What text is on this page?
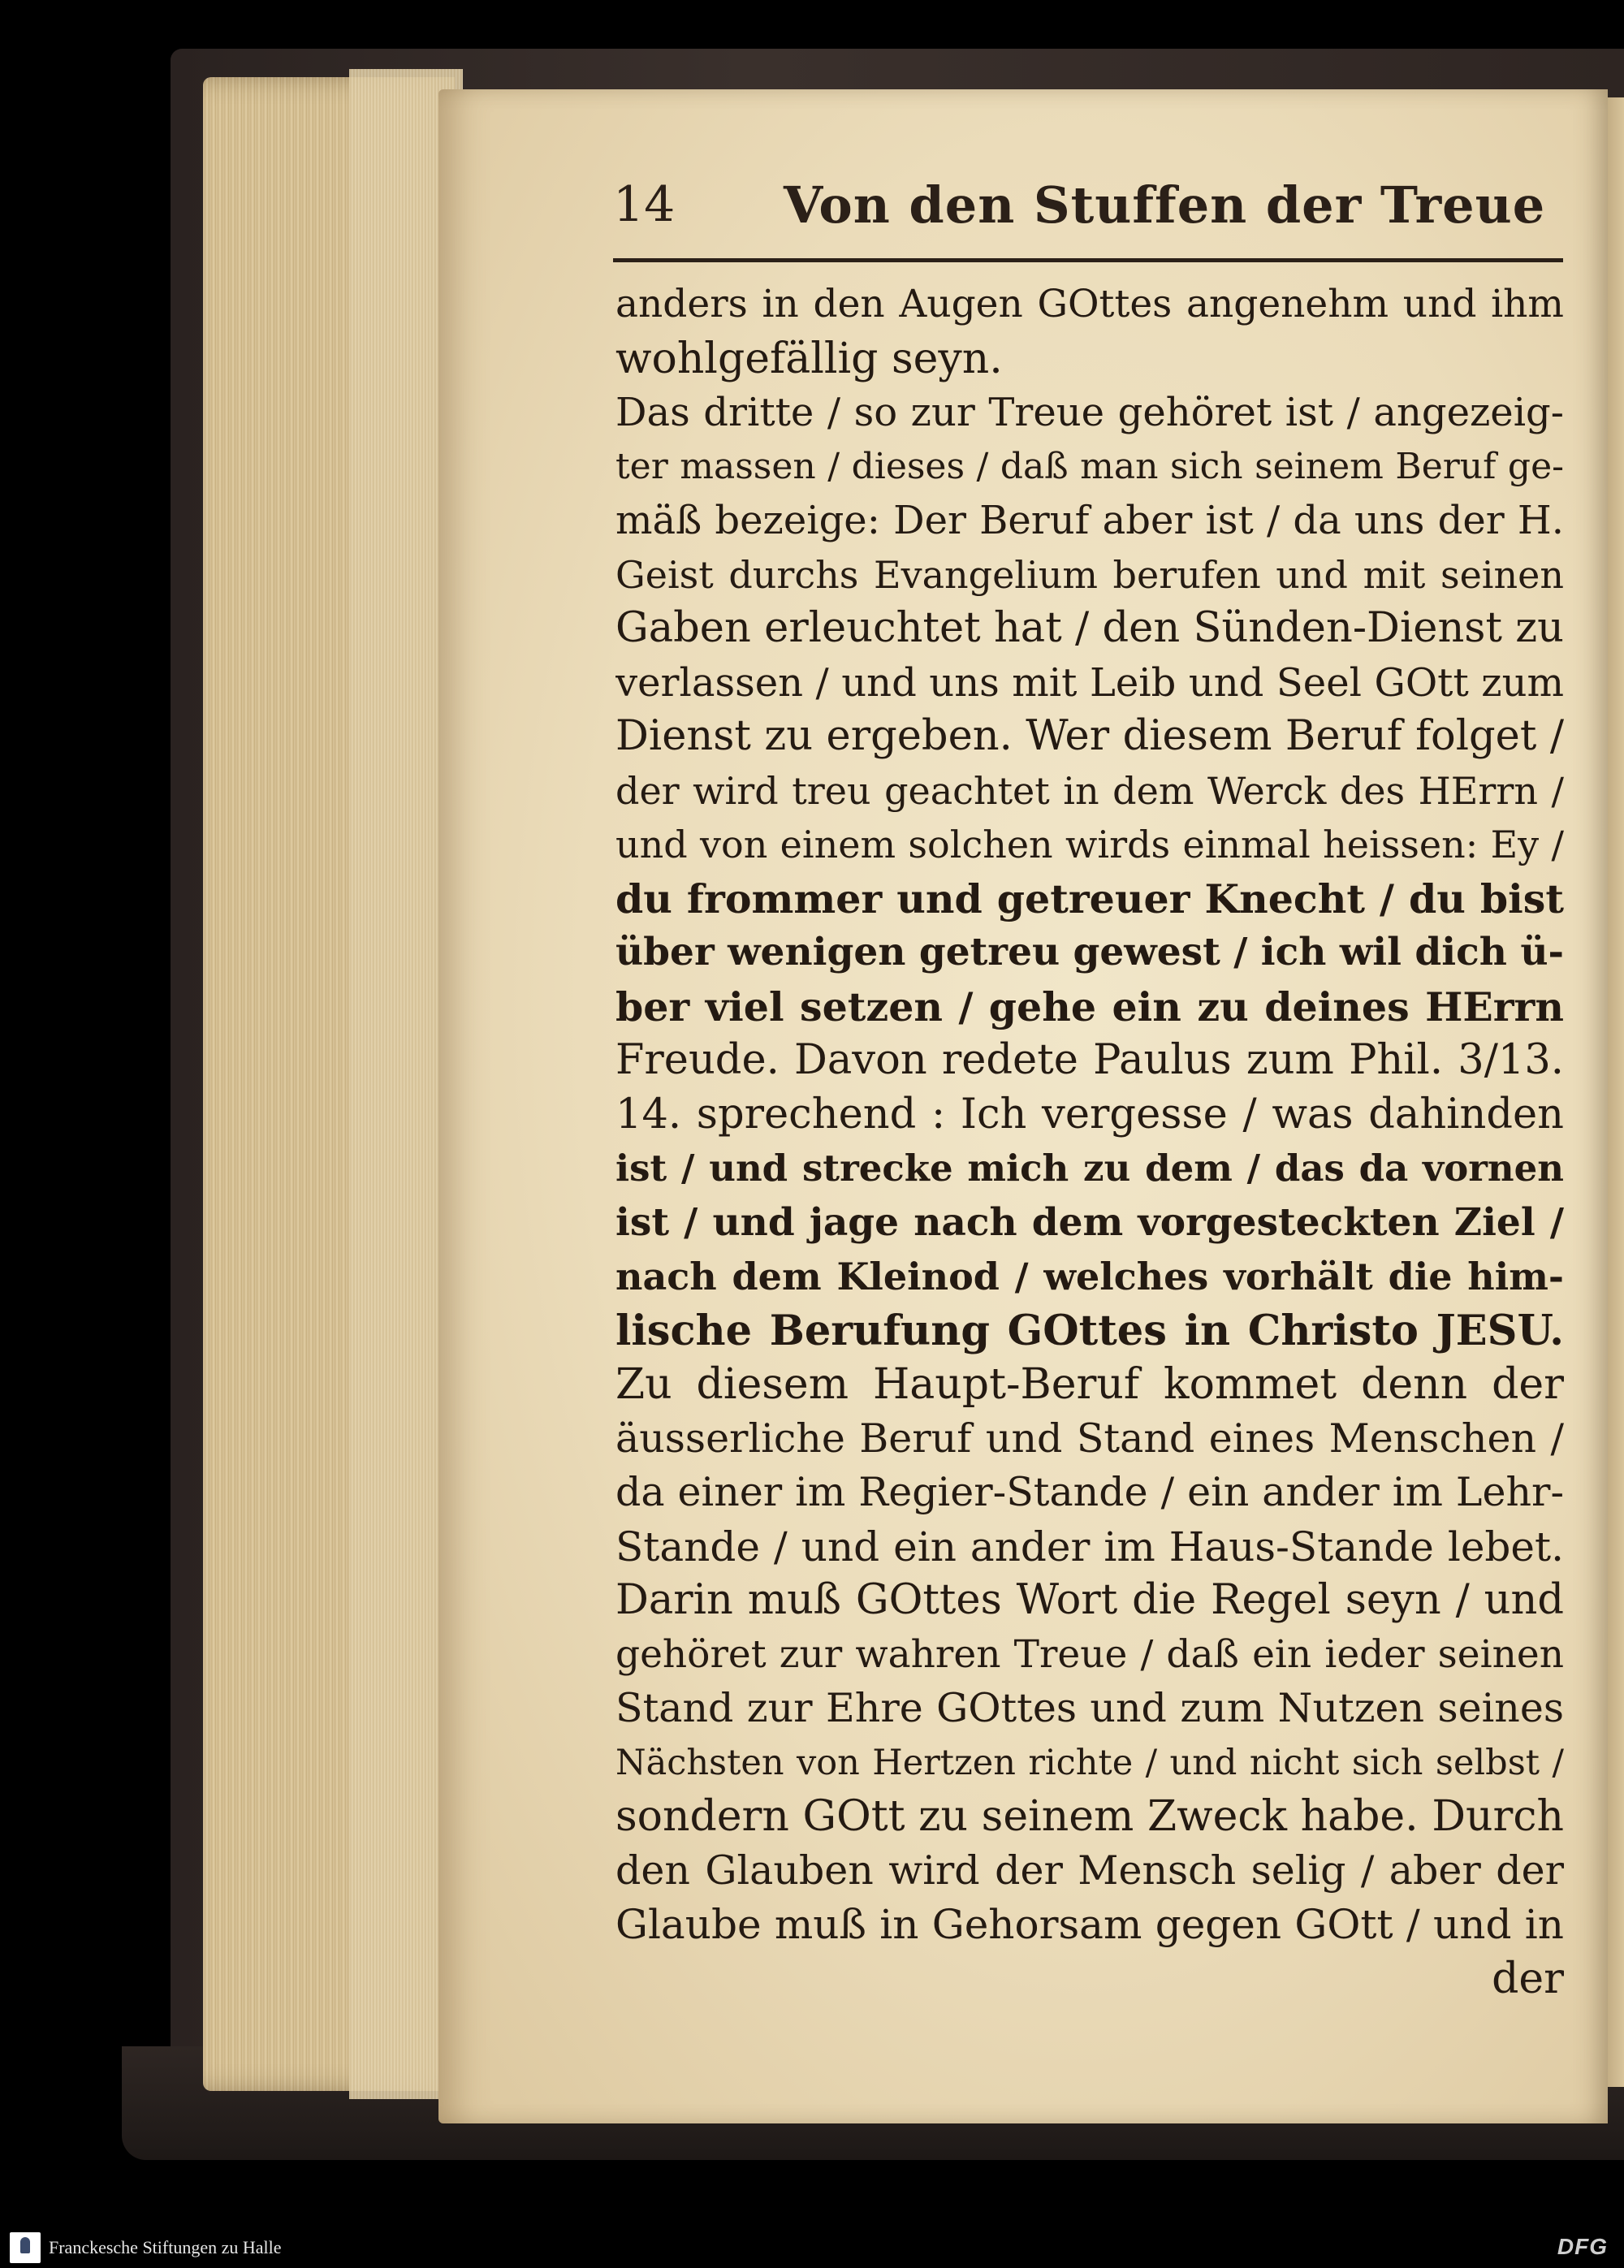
14 Von den Stuffen der Treue
anders in den Augen GOttes angenehm und ihm
wohlgefällig seyn.
Das dritte / so zur Treue gehöret ist / angezeig-
ter massen / dieses / daß man sich seinem Beruf ge-
mäß bezeige: Der Beruf aber ist / da uns der H.
Geist durchs Evangelium berufen und mit seinen
Gaben erleuchtet hat / den Sünden-Dienst zu
verlassen / und uns mit Leib und Seel GOtt zum
Dienst zu ergeben. Wer diesem Beruf folget /
der wird treu geachtet in dem Werck des HErrn /
und von einem solchen wirds einmal heissen: Ey /
du frommer und getreuer Knecht / du bist
über wenigen getreu gewest / ich wil dich ü-
ber viel setzen / gehe ein zu deines HErrn
Freude. Davon redete Paulus zum Phil. 3/13.
14. sprechend : Ich vergesse / was dahinden
ist / und strecke mich zu dem / das da vornen
ist / und jage nach dem vorgesteckten Ziel /
nach dem Kleinod / welches vorhält die him-
lische Berufung GOttes in Christo JESU.
Zu diesem Haupt-Beruf kommet denn der
äusserliche Beruf und Stand eines Menschen /
da einer im Regier-Stande / ein ander im Lehr-
Stande / und ein ander im Haus-Stande lebet.
Darin muß GOttes Wort die Regel seyn / und
gehöret zur wahren Treue / daß ein ieder seinen
Stand zur Ehre GOttes und zum Nutzen seines
Nächsten von Hertzen richte / und nicht sich selbst /
sondern GOtt zu seinem Zweck habe. Durch
den Glauben wird der Mensch selig / aber der
Glaube muß in Gehorsam gegen GOtt / und in
der
Franckesche Stiftungen zu Halle	DFG
